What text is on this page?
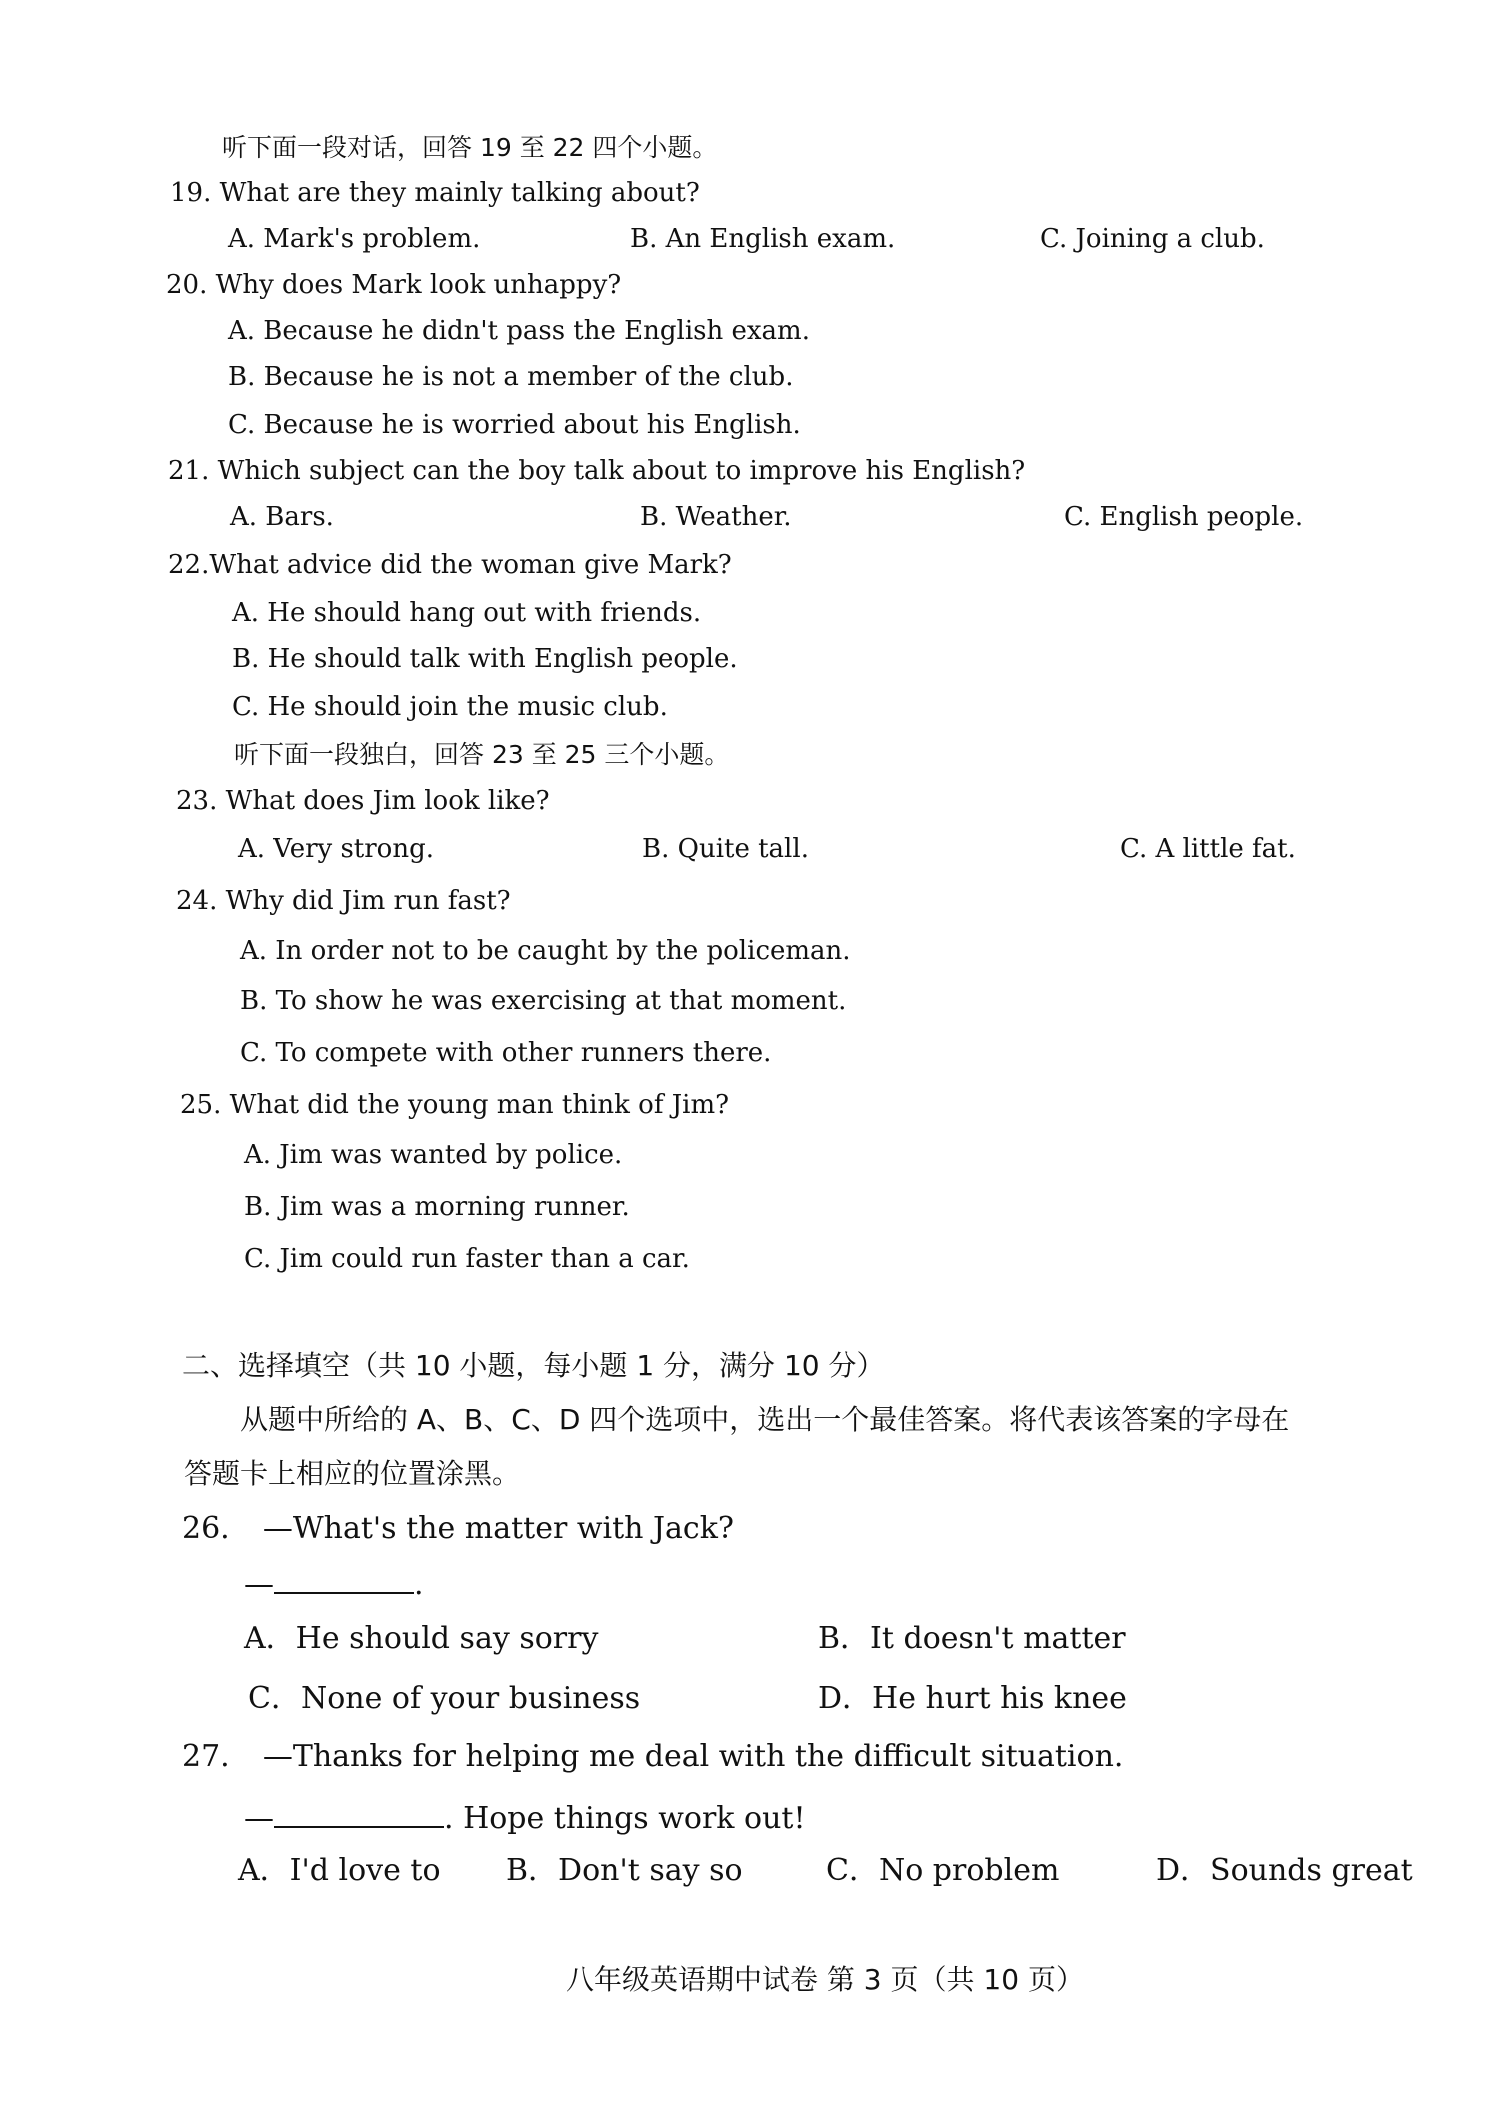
听下面一段对话，回答 19 至 22 四个小题。
19. What are they mainly talking about?
A. Mark's problem.	B. An English exam.	C. Joining a club.
20. Why does Mark look unhappy?
A. Because he didn't pass the English exam.
B. Because he is not a member of the club.
C. Because he is worried about his English.
21. Which subject can the boy talk about to improve his English?
A. Bars.	B. Weather.	C. English people.
22.What advice did the woman give Mark?
A. He should hang out with friends.
B. He should talk with English people.
C. He should join the music club.
听下面一段独白，回答 23 至 25 三个小题。
23. What does Jim look like?
A. Very strong.	B. Quite tall.	C. A little fat.
24. Why did Jim run fast?
A. In order not to be caught by the policeman.
B. To show he was exercising at that moment.
C. To compete with other runners there.
25. What did the young man think of Jim?
A. Jim was wanted by police.
B. Jim was a morning runner.
C. Jim could run faster than a car.
二、选择填空（共 10 小题，每小题 1 分，满分 10 分）
从题中所给的 A、B、C、D 四个选项中，选出一个最佳答案。将代表该答案的字母在
答题卡上相应的位置涂黑。
26. —What's the matter with Jack?
—	.
A．He should say sorry	B．It doesn't matter
C．None of your business	D．He hurt his knee
27. —Thanks for helping me deal with the difficult situation.
—	. Hope things work out!
A．I'd love to B．Don't say so	C．No problem	D．Sounds great
八年级英语期中试卷 第 3 页（共 10 页）
